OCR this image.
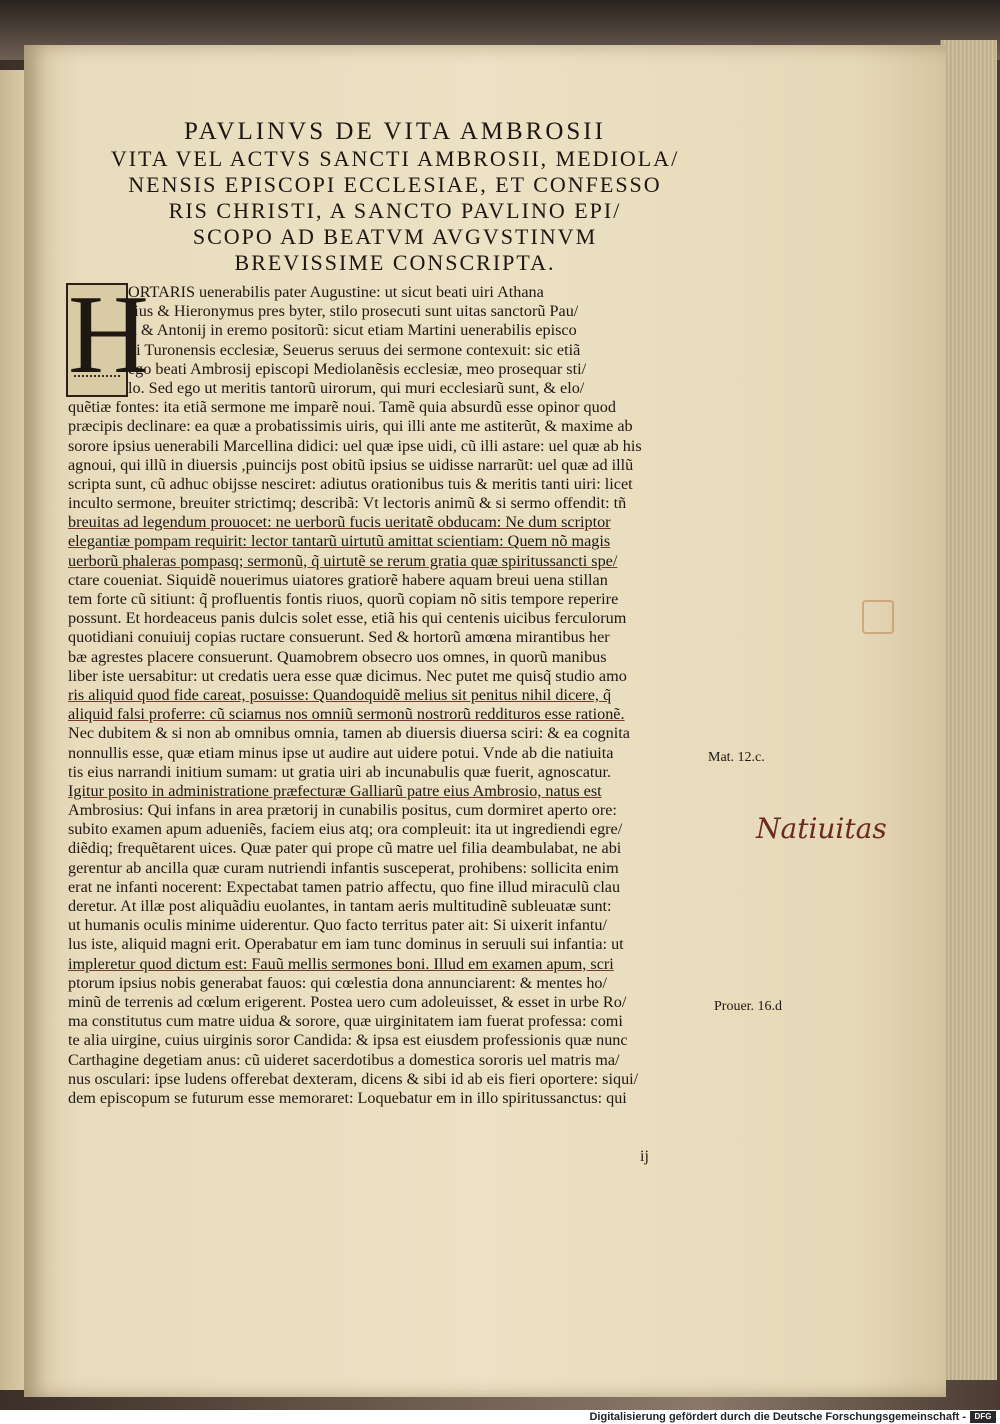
PAVLINVS DE VITA AMBROSII
VITA VEL ACTVS SANCTI AMBROSII, MEDIOLA/
NENSIS EPISCOPI ECCLESIAE, ET CONFESSO
RIS CHRISTI, A SANCTO PAVLINO EPI/
SCOPO AD BEATVM AVGVSTINVM
BREVISSIME CONSCRIPTA.
H
ORTARIS uenerabilis pater Augustine: ut sicut beati uiri Athana
sius & Hieronymus pres byter, stilo prosecuti sunt uitas sanctorũ Pau/
li & Antonij in eremo positorũ: sicut etiam Martini uenerabilis episco
pi Turonensis ecclesiæ, Seuerus seruus dei sermone contexuit: sic etiã
ego beati Ambrosij episcopi Mediolanẽsis ecclesiæ, meo prosequar sti/
lo. Sed ego ut meritis tantorũ uirorum, qui muri ecclesiarũ sunt, & elo/
quẽtiæ fontes: ita etiã sermone me imparẽ noui. Tamẽ quia absurdũ esse opinor quod
præcipis declinare: ea quæ a probatissimis uiris, qui illi ante me astiterũt, & maxime ab
sorore ipsius uenerabili Marcellina didici: uel quæ ipse uidi, cũ illi astare: uel quæ ab his
agnoui, qui illũ in diuersis ,puincijs post obitũ ipsius se uidisse narrarũt: uel quæ ad illũ
scripta sunt, cũ adhuc obijsse nesciret: adiutus orationibus tuis & meritis tanti uiri: licet
inculto sermone, breuiter strictimq; describã: Vt lectoris animũ & si sermo offendit: tñ
breuitas ad legendum prouocet: ne uerborũ fucis ueritatẽ obducam: Ne dum scriptor
elegantiæ pompam requirit: lector tantarũ uirtutũ amittat scientiam: Quem nõ magis
uerborũ phaleras pompasq; sermonũ, q̃ uirtutẽ se rerum gratia quæ spiritussancti spe/
ctare coueniat. Siquidẽ nouerimus uiatores gratiorẽ habere aquam breui uena stillan
tem forte cũ sitiunt: q̃ profluentis fontis riuos, quorũ copiam nõ sitis tempore reperire
possunt. Et hordeaceus panis dulcis solet esse, etiã his qui centenis uicibus ferculorum
quotidiani conuiuij copias ructare consuerunt. Sed & hortorũ amœna mirantibus her
bæ agrestes placere consuerunt. Quamobrem obsecro uos omnes, in quorũ manibus
liber iste uersabitur: ut credatis uera esse quæ dicimus. Nec putet me quisq̃ studio amo
ris aliquid quod fide careat, posuisse: Quandoquidẽ melius sit penitus nihil dicere, q̃
aliquid falsi proferre: cũ sciamus nos omniũ sermonũ nostrorũ reddituros esse rationẽ.
Nec dubitem & si non ab omnibus omnia, tamen ab diuersis diuersa sciri: & ea cognita
nonnullis esse, quæ etiam minus ipse ut audire aut uidere potui. Vnde ab die natiuita
tis eius narrandi initium sumam: ut gratia uiri ab incunabulis quæ fuerit, agnoscatur.
Igitur posito in administratione præfecturæ Galliarũ patre eius Ambrosio, natus est
Ambrosius: Qui infans in area prætorij in cunabilis positus, cum dormiret aperto ore:
subito examen apum adueniẽs, faciem eius atq; ora compleuit: ita ut ingrediendi egre/
diẽdiq; frequẽtarent uices. Quæ pater qui prope cũ matre uel filia deambulabat, ne abi
gerentur ab ancilla quæ curam nutriendi infantis susceperat, prohibens: sollicita enim
erat ne infanti nocerent: Expectabat tamen patrio affectu, quo fine illud miraculũ clau
deretur. At illæ post aliquãdiu euolantes, in tantam aeris multitudinẽ subleuatæ sunt:
ut humanis oculis minime uiderentur. Quo facto territus pater ait: Si uixerit infantu/
lus iste, aliquid magni erit. Operabatur em iam tunc dominus in seruuli sui infantia: ut
impleretur quod dictum est: Fauũ mellis sermones boni. Illud em examen apum, scri
ptorum ipsius nobis generabat fauos: qui cœlestia dona annunciarent: & mentes ho/
minũ de terrenis ad cœlum erigerent. Postea uero cum adoleuisset, & esset in urbe Ro/
ma constitutus cum matre uidua & sorore, quæ uirginitatem iam fuerat professa: comi
te alia uirgine, cuius uirginis soror Candida: & ipsa est eiusdem professionis quæ nunc
Carthagine degetiam anus: cũ uideret sacerdotibus a domestica sororis uel matris ma/
nus osculari: ipse ludens offerebat dexteram, dicens & sibi id ab eis fieri oportere: siqui/
dem episcopum se futurum esse memoraret: Loquebatur em in illo spiritussanctus: qui
Mat. 12.c.
Prouer. 16.d
Natiuitas
ij
Digitalisierung gefördert durch die Deutsche Forschungsgemeinschaft -	DFG
